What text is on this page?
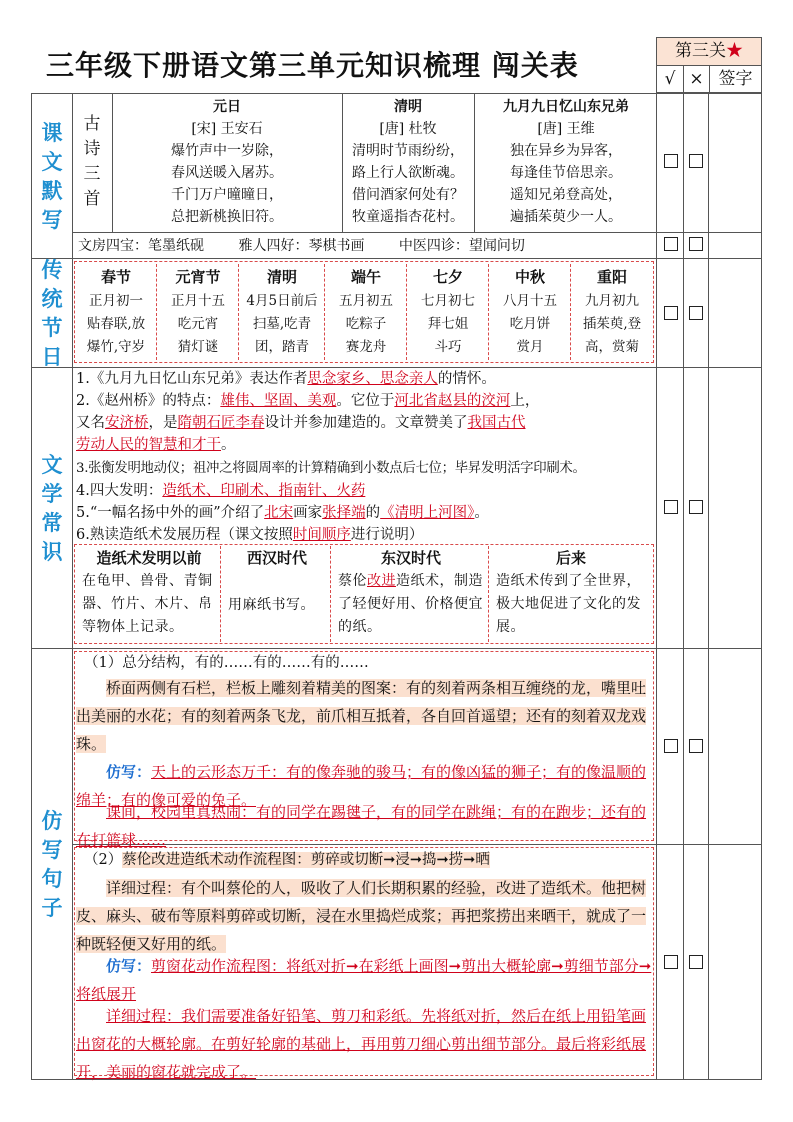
三年级下册语文第三单元知识梳理 闯关表	第三关★
√ × 签字
课
文
默
写
传
统
节
日
文
学
常
识
仿
写
句
子
古
诗
三
首
元日
[宋] 王安石
爆竹声中一岁除，
春风送暖入屠苏。
千门万户曈曈日，
总把新桃换旧符。
清明
[唐] 杜牧
清明时节雨纷纷，
路上行人欲断魂。
借问酒家何处有？
牧童遥指杏花村。
九月九日忆山东兄弟
[唐] 王维
独在异乡为异客，
每逢佳节倍思亲。
遥知兄弟登高处，
遍插茱萸少一人。
文房四宝：笔墨纸砚 雅人四好：琴棋书画 中医四诊：望闻问切
春节
正月初一
贴春联,放
爆竹,守岁
元宵节
正月十五
吃元宵
猜灯谜
清明
4月5日前后
扫墓,吃青
团，踏青
端午
五月初五
吃粽子
赛龙舟
七夕
七月初七
拜七姐
斗巧
中秋
八月十五
吃月饼
赏月
重阳
九月初九
插茱萸,登
高，赏菊
1.《九月九日忆山东兄弟》表达作者思念家乡、思念亲人的情怀。
2.《赵州桥》的特点：雄伟、坚固、美观。它位于河北省赵县的洨河上，
又名安济桥，是隋朝石匠李春设计并参加建造的。文章赞美了我国古代
劳动人民的智慧和才干。
3.张衡发明地动仪；祖冲之将圆周率的计算精确到小数点后七位；毕昇发明活字印刷术。
4.四大发明：造纸术、印刷术、指南针、火药
5.“一幅名扬中外的画”介绍了北宋画家张择端的《清明上河图》。
6.熟读造纸术发展历程（课文按照时间顺序进行说明）
造纸术发明以前
在龟甲、兽骨、青铜器、竹片、木片、帛等物体上记录。
西汉时代
用麻纸书写。
东汉时代
蔡伦改进造纸术，制造了轻便好用、价格便宜的纸。
后来
造纸术传到了全世界，极大地促进了文化的发展。
（1）总分结构，有的……有的……有的……
桥面两侧有石栏，栏板上雕刻着精美的图案：有的刻着两条相互缠绕的龙，嘴里吐出美丽的水花；有的刻着两条飞龙，前爪相互抵着，各自回首遥望；还有的刻着双龙戏珠。
仿写：天上的云形态万千：有的像奔驰的骏马；有的像凶猛的狮子；有的像温顺的绵羊；有的像可爱的兔子。
课间，校园里真热闹：有的同学在踢毽子，有的同学在跳绳；有的在跑步；还有的在打篮球……
（2）蔡伦改进造纸术动作流程图：剪碎或切断➞浸➞捣➞捞➞晒
详细过程：有个叫蔡伦的人，吸收了人们长期积累的经验，改进了造纸术。他把树皮、麻头、破布等原料剪碎或切断，浸在水里捣烂成浆；再把浆捞出来晒干，就成了一种既轻便又好用的纸。
仿写：剪窗花动作流程图：将纸对折➞在彩纸上画图➞剪出大概轮廓➞剪细节部分➞将纸展开
详细过程：我们需要准备好铅笔、剪刀和彩纸。先将纸对折，然后在纸上用铅笔画出窗花的大概轮廓。在剪好轮廓的基础上，再用剪刀细心剪出细节部分。最后将彩纸展开，美丽的窗花就完成了。
